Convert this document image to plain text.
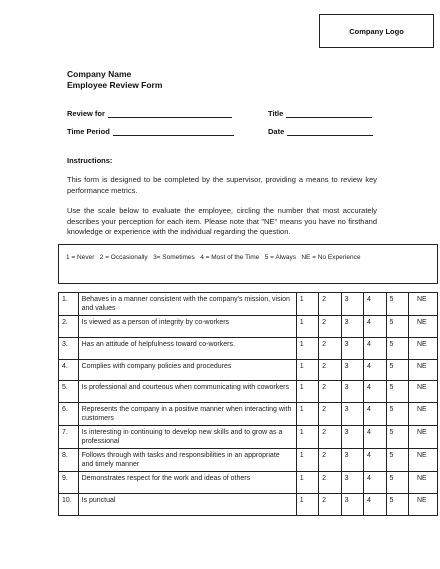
Company Logo
Company Name
Employee Review Form
Review for	Title
Time Period	Date
Instructions:
This form is designed to be completed by the supervisor, providing a means to review key performance metrics.
Use the scale below to evaluate the employee, circling the number that most accurately describes your perception for each item. Please note that "NE" means you have no firsthand knowledge or experience with the individual regarding the question.
1 = Never   2 = Occasionally   3= Sometimes   4 = Most of the Time   5 = Always   NE = No Experience
1.	Behaves in a manner consistent with the company's mission, vision and values	1	2	3	4	5	NE
2.	Is viewed as a person of integrity by co-workers	1	2	3	4	5	NE
3.	Has an attitude of helpfulness toward co-workers.	1	2	3	4	5	NE
4.	Complies with company policies and procedures	1	2	3	4	5	NE
5.	Is professional and courteous when communicating with coworkers	1	2	3	4	5	NE
6.	Represents the company in a positive manner when interacting with customers	1	2	3	4	5	NE
7.	Is interesting in continuing to develop new skills and to grow as a professional	1	2	3	4	5	NE
8.	Follows through with tasks and responsibilities in an appropriate and timely manner	1	2	3	4	5	NE
9.	Demonstrates respect for the work and ideas of others	1	2	3	4	5	NE
10.	Is punctual	1	2	3	4	5	NE
